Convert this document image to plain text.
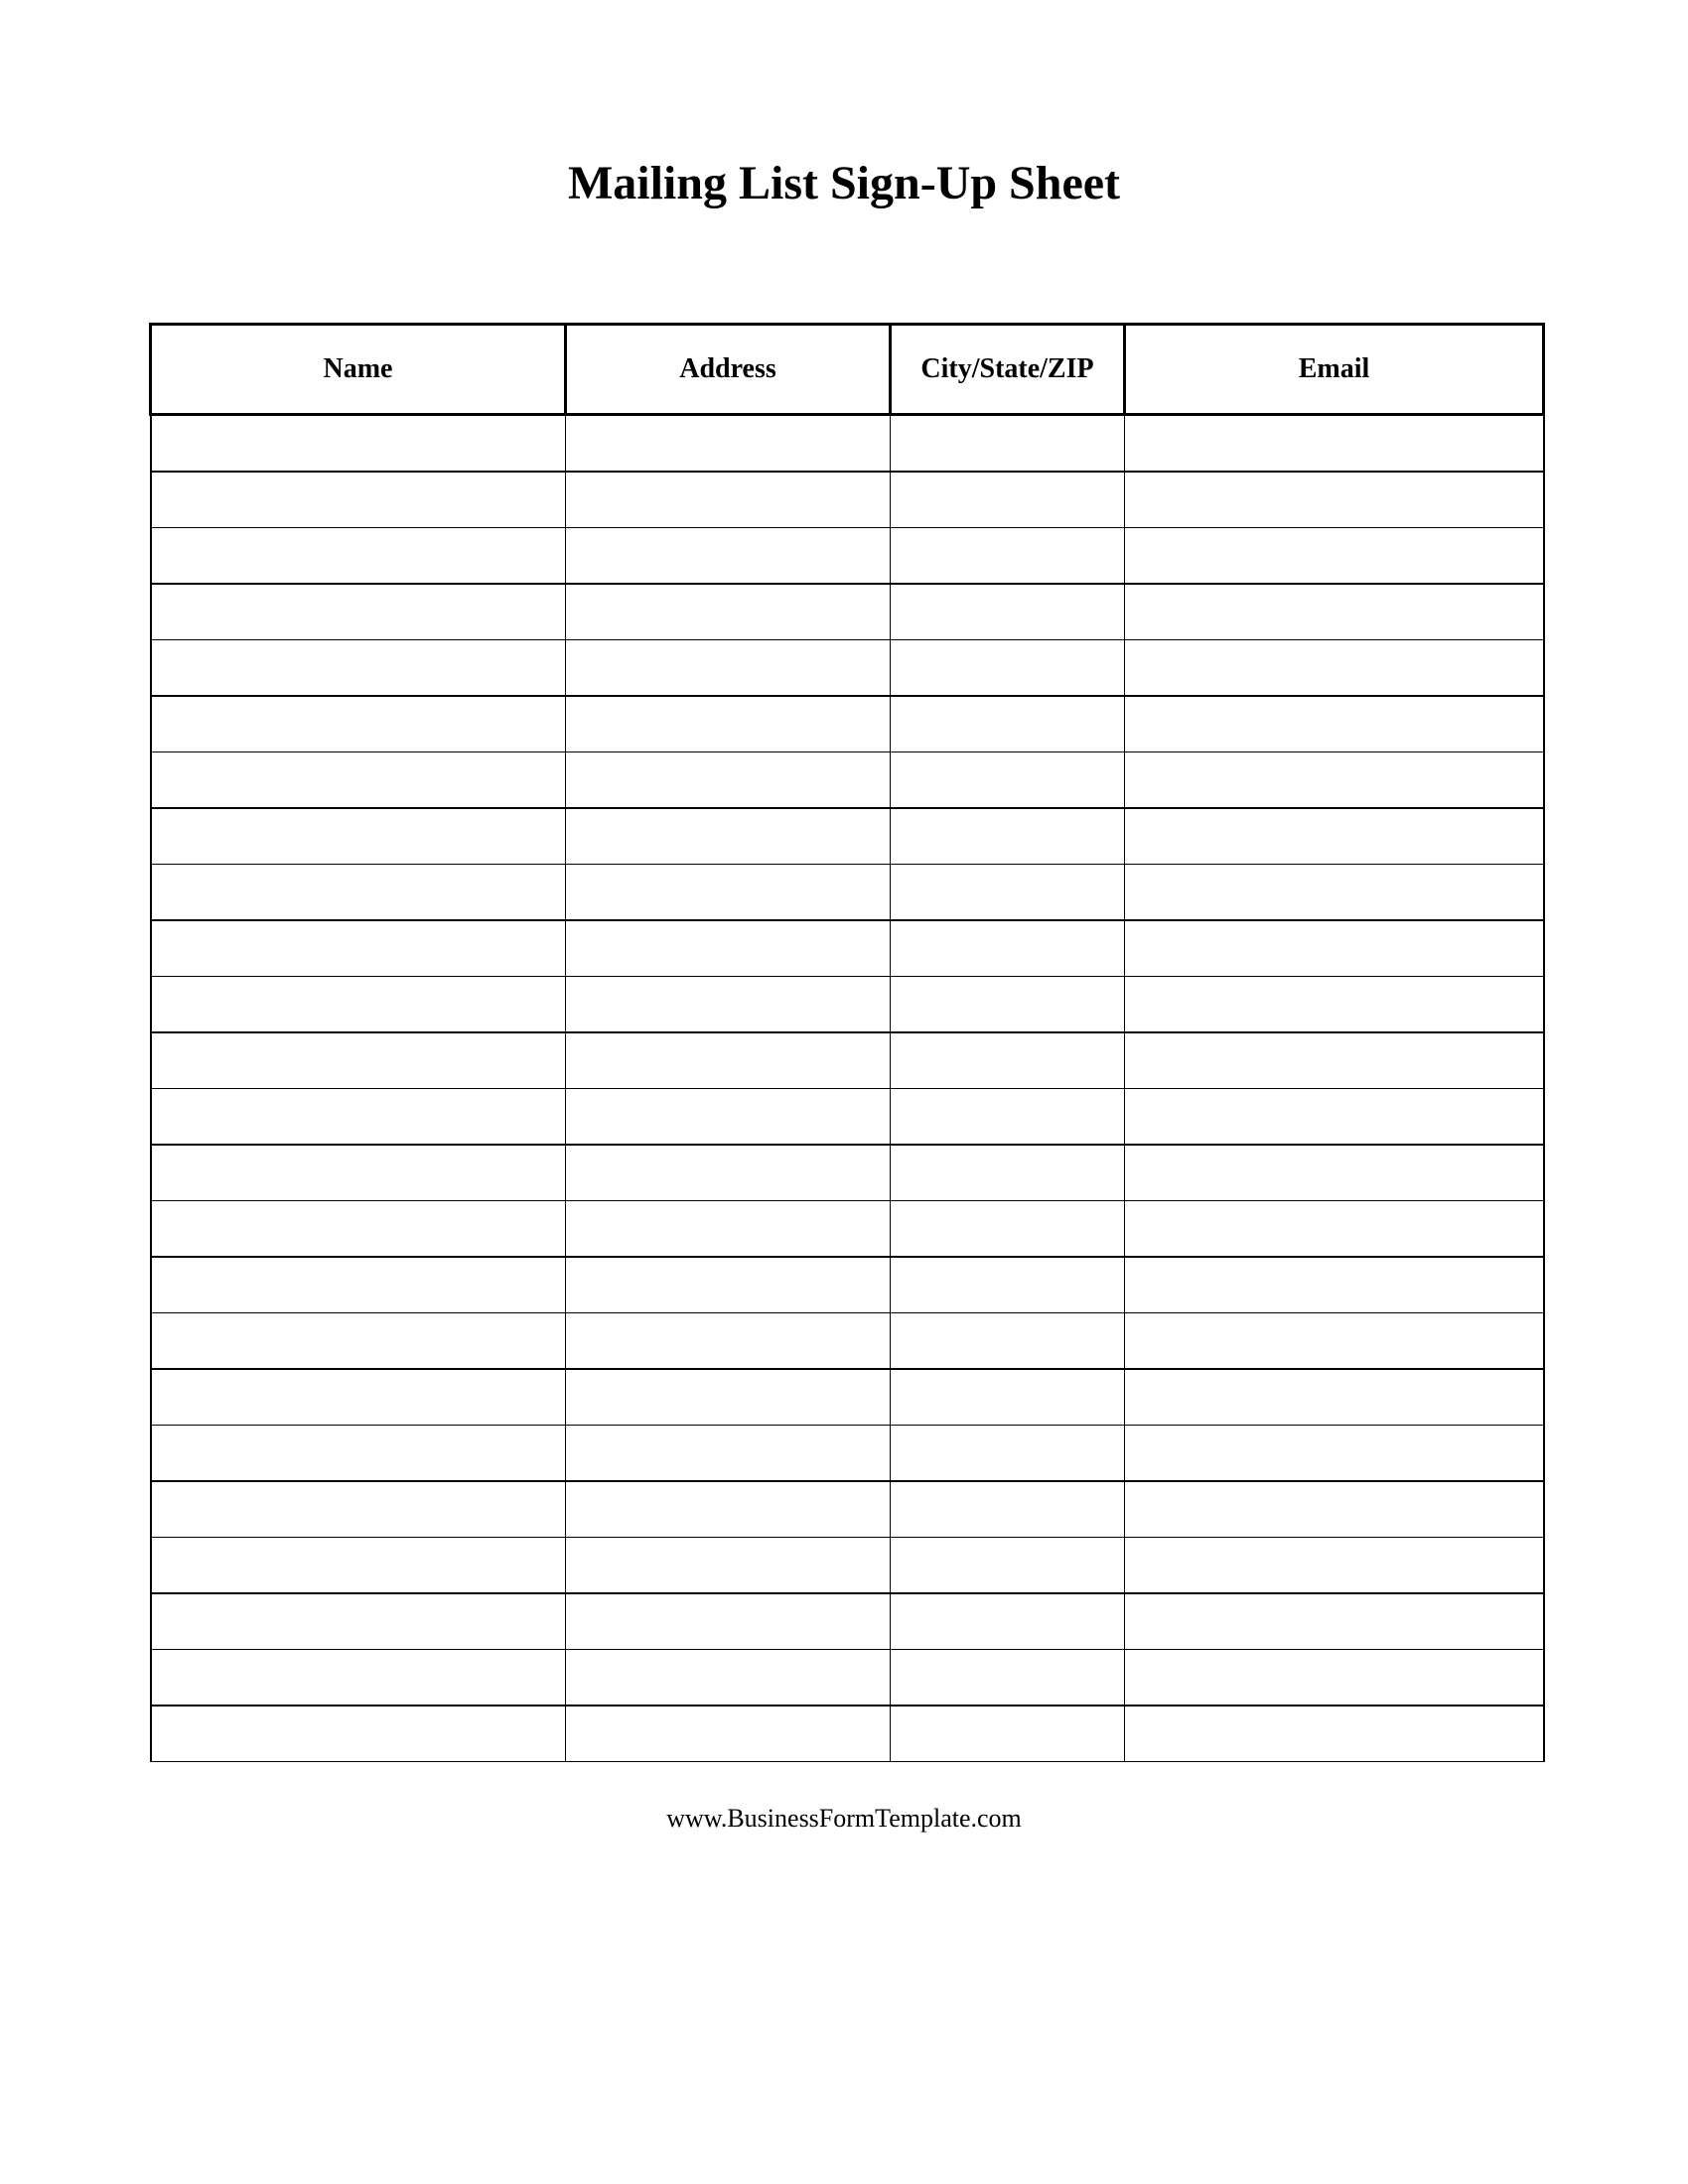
Mailing List Sign-Up Sheet
Name	Address	City/State/ZIP	Email

www.BusinessFormTemplate.com
